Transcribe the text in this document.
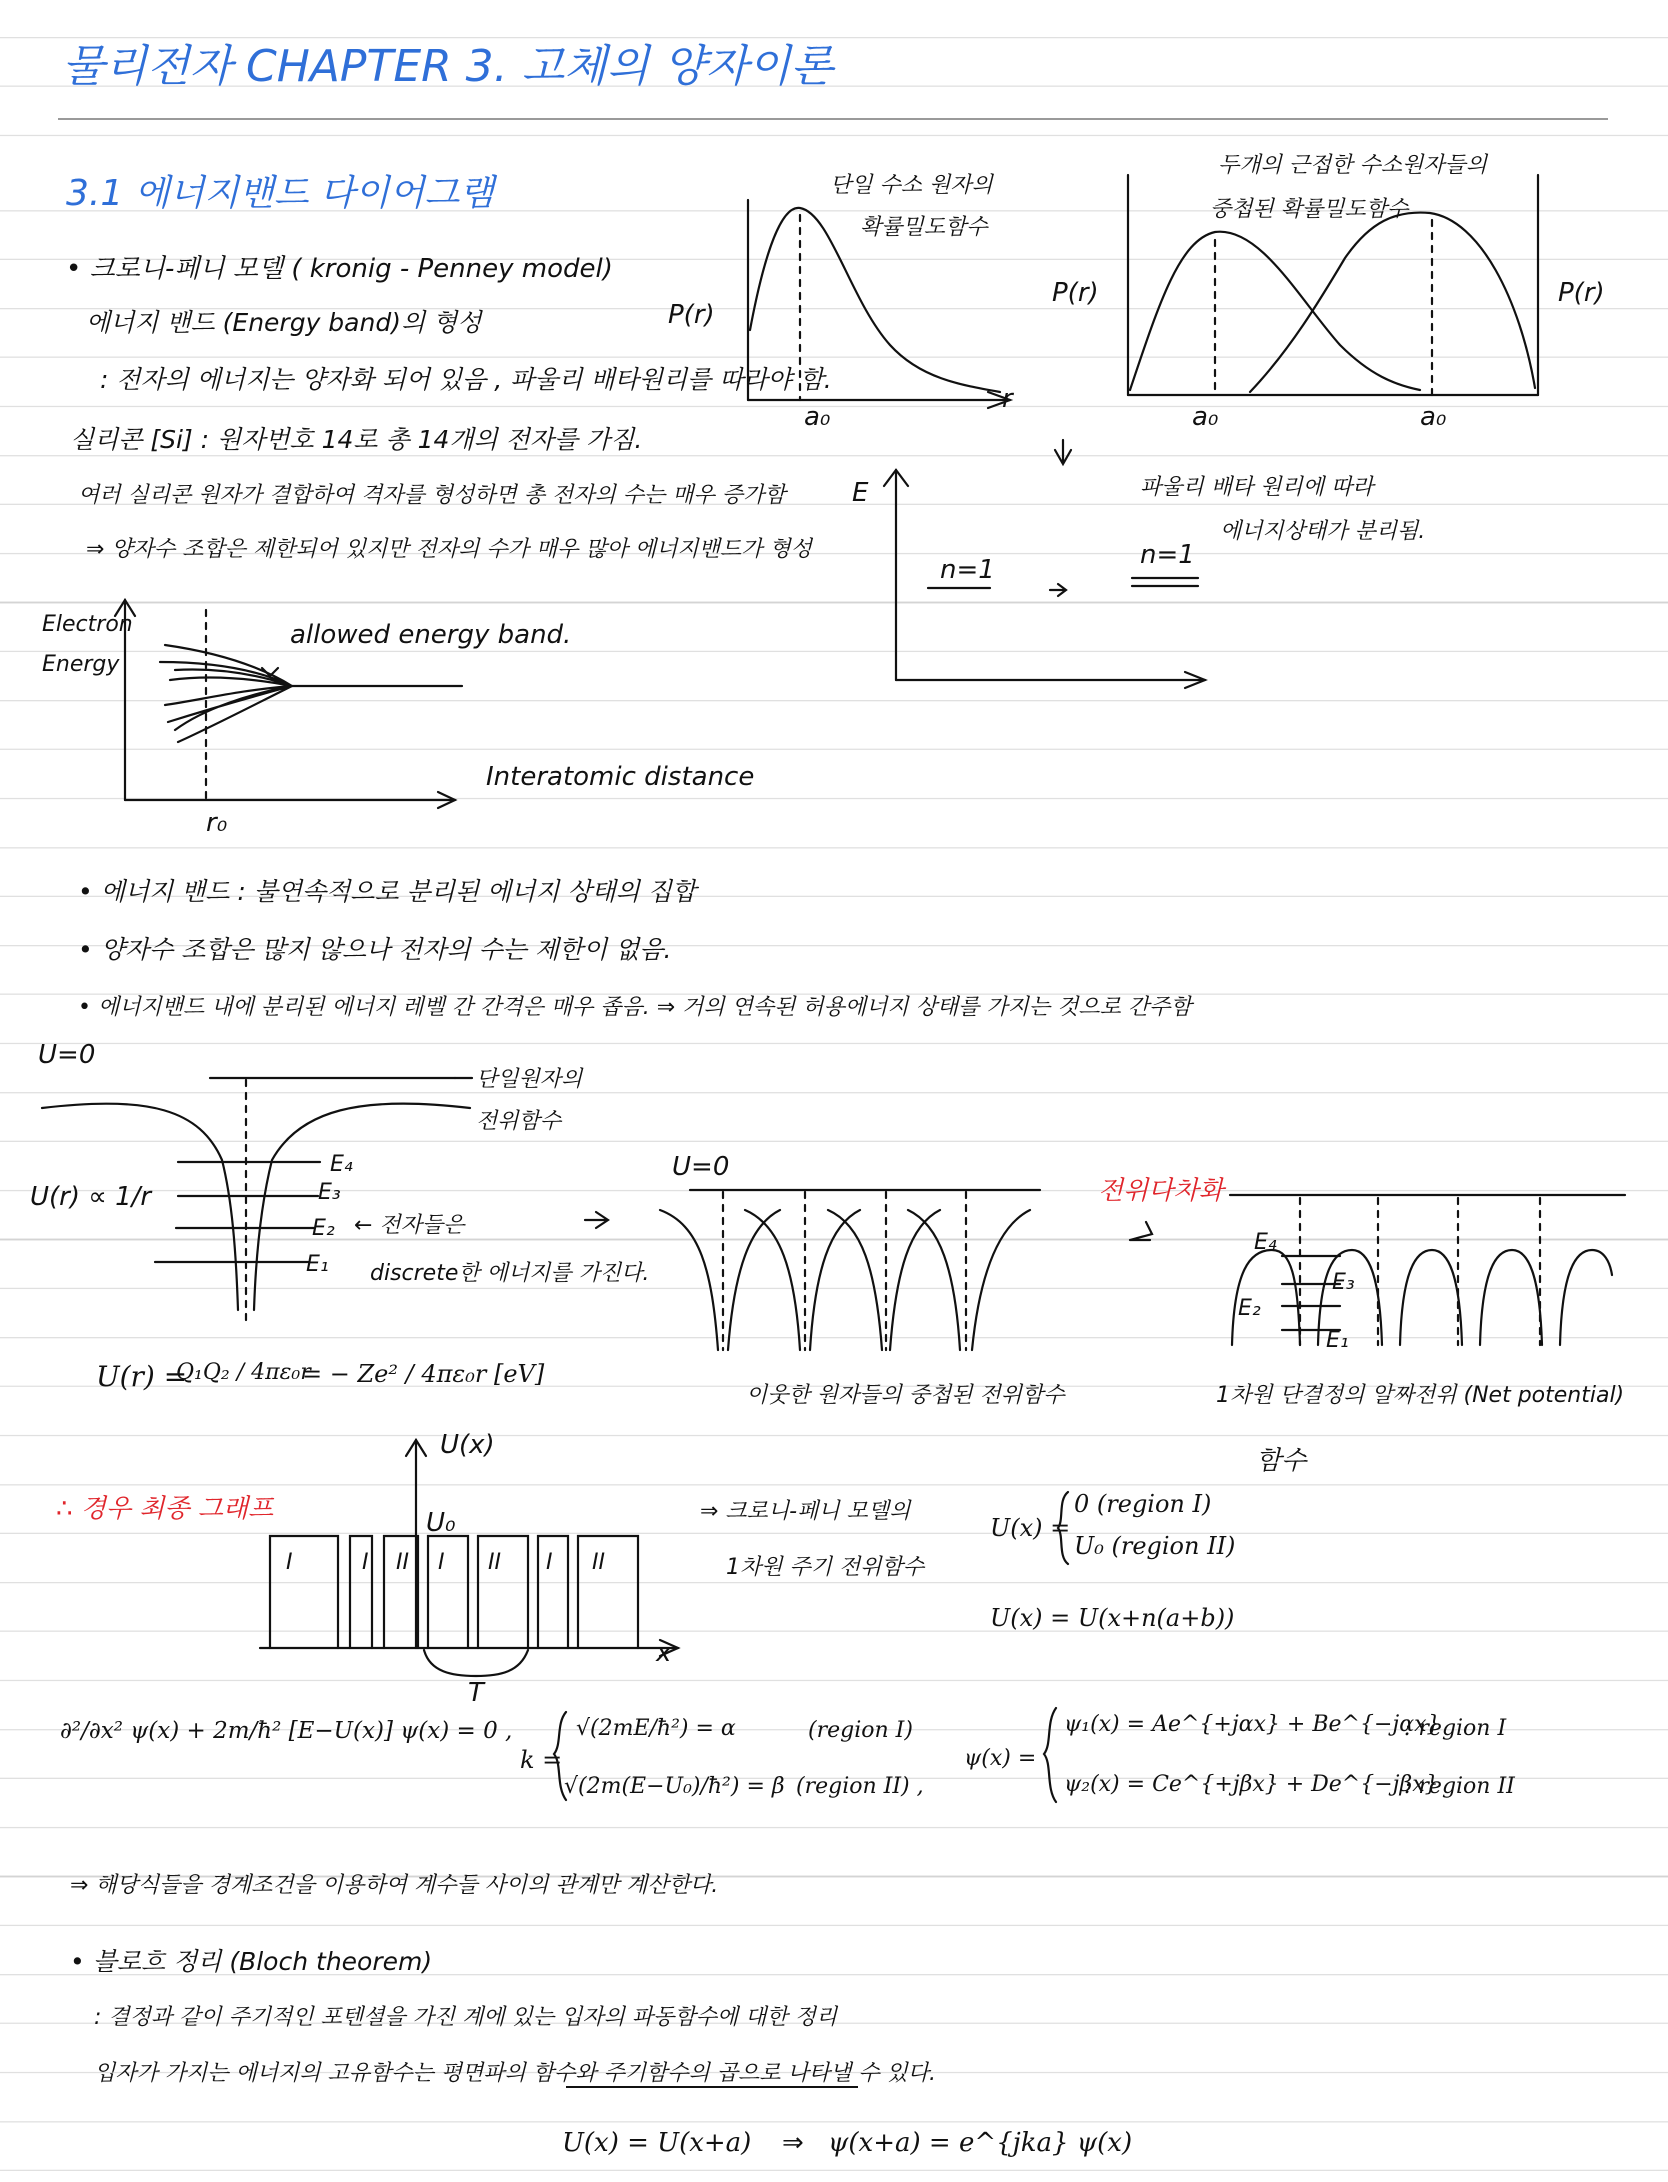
물리전자 CHAPTER 3. 고체의 양자이론
3.1 에너지밴드 다이어그램
• 크로니-페니 모델 ( kronig - Penney model)
에너지 밴드 (Energy band)의 형성
: 전자의 에너지는 양자화 되어 있음 , 파울리 배타원리를 따라야 함.
실리콘 [Si] : 원자번호 14로 총 14개의 전자를 가짐.
여러 실리콘 원자가 결합하여 격자를 형성하면 총 전자의 수는 매우 증가함
⇒ 양자수 조합은 제한되어 있지만 전자의 수가 매우 많아 에너지밴드가 형성
단일 수소 원자의
확률밀도함수
P(r)
a₀
r
두개의 근접한 수소원자들의
중첩된 확률밀도함수
P(r)	P(r)
a₀	a₀
E
n=1	n=1
파울리 배타 원리에 따라
에너지상태가 분리됨.
Electron
Energy
allowed energy band.
Interatomic distance
r₀
• 에너지 밴드 : 불연속적으로 분리된 에너지 상태의 집합
• 양자수 조합은 많지 않으나 전자의 수는 제한이 없음.
• 에너지밴드 내에 분리된 에너지 레벨 간 간격은 매우 좁음. ⇒ 거의 연속된 허용에너지 상태를 가지는 것으로 간주함
U=0
단일원자의
전위함수
U(r) ∝ 1/r
E₄
E₃
E₂
E₁
← 전자들은
discrete한 에너지를 가진다.
U(r) =
Q₁Q₂ / 4πε₀r
= − Ze² / 4πε₀r [eV]
U=0
이웃한 원자들의 중첩된 전위함수
전위다차화
E₄
E₃
E₂
E₁
1차원 단결정의 알짜전위 (Net potential)
함수
∴ 경우 최종 그래프
U(x)
U₀
T
x
I	I II I II I II
⇒ 크로니-페니 모델의
1차원 주기 전위함수
U(x) =
0 (region I)
U₀ (region II)
U(x) = U(x+n(a+b))
∂²/∂x² ψ(x) + 2m/ħ² [E−U(x)] ψ(x) = 0 ,
k =
√(2mE/ħ²) = α	(region I)
√(2m(E−U₀)/ħ²) = β (region II) ,
ψ(x) =
ψ₁(x) = Ae^{+jαx} + Be^{−jαx}
: region I
ψ₂(x) = Ce^{+jβx} + De^{−jβx}
: region II
⇒ 해당식들을 경계조건을 이용하여 계수들 사이의 관계만 계산한다.
• 블로흐 정리 (Bloch theorem)
: 결정과 같이 주기적인 포텐셜을 가진 계에 있는 입자의 파동함수에 대한 정리
입자가 가지는 에너지의 고유함수는 평면파의 함수와 주기함수의 곱으로 나타낼 수 있다.
U(x) = U(x+a) ⇒ ψ(x+a) = e^{jka} ψ(x)
